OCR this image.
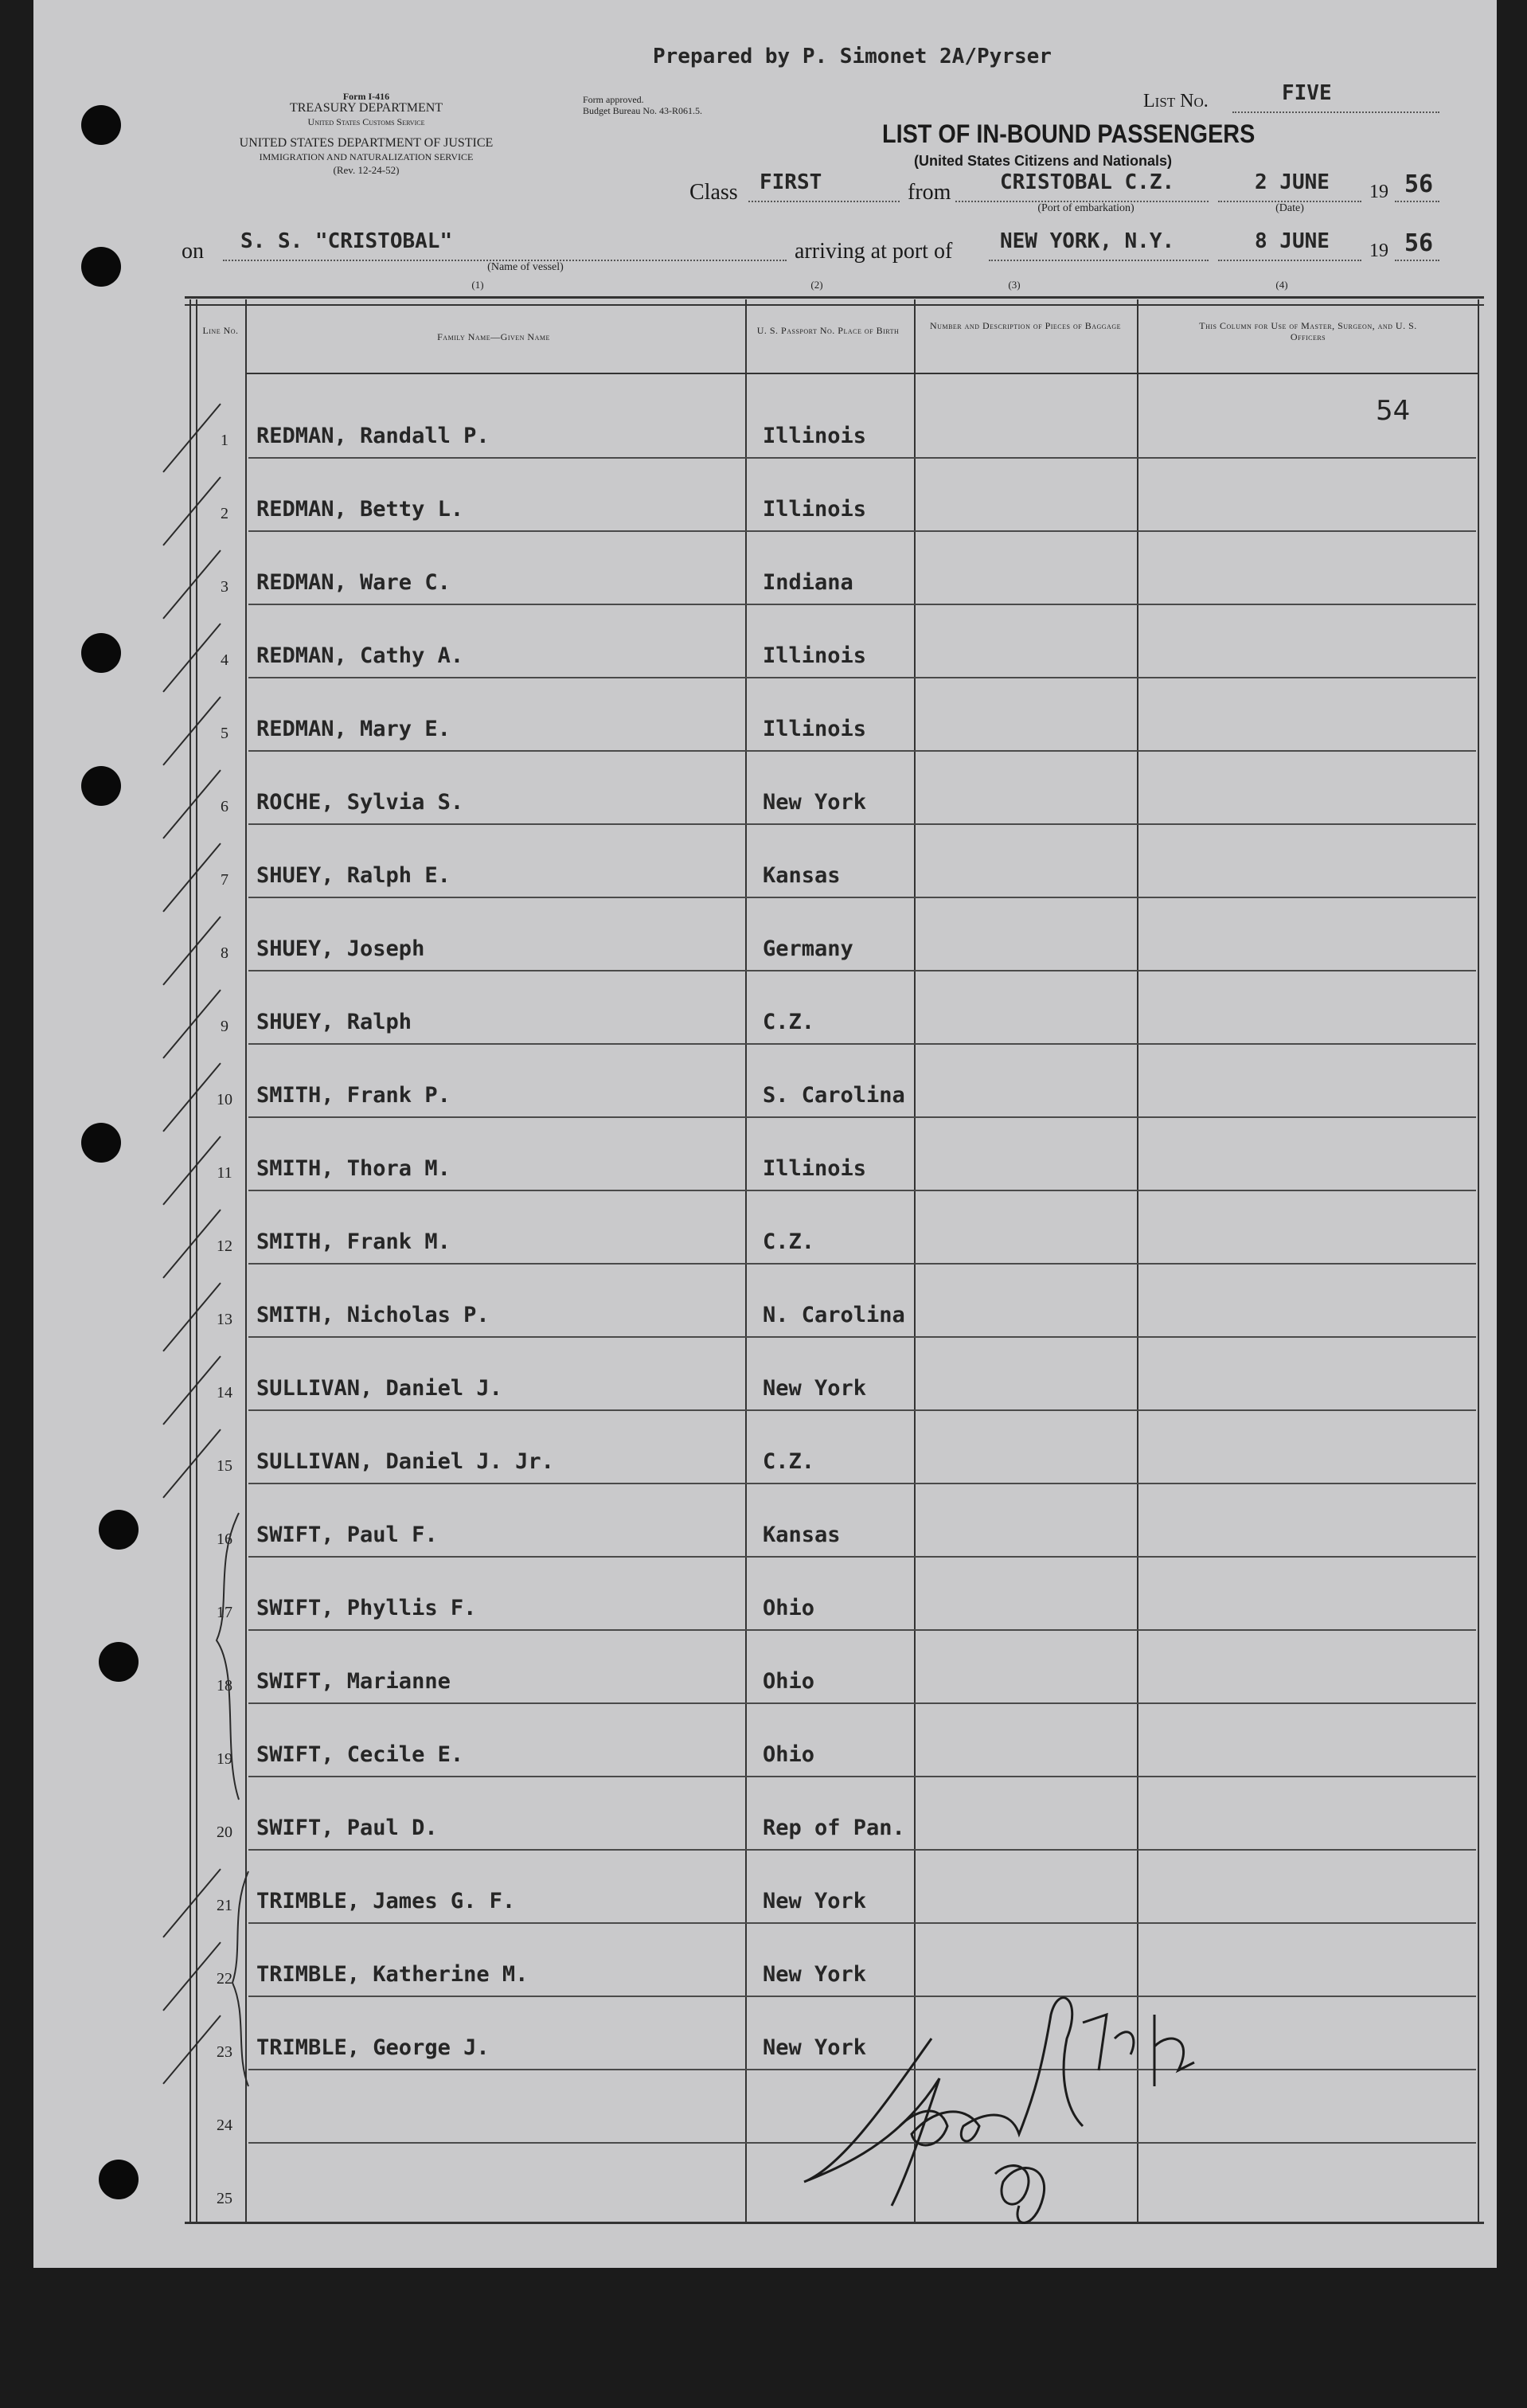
Prepared by P. Simonet 2A/Pyrser
Form I-416
TREASURY DEPARTMENT
United States Customs Service
UNITED STATES DEPARTMENT OF JUSTICE
IMMIGRATION AND NATURALIZATION SERVICE
(Rev. 12-24-52)
Form approved.
Budget Bureau No. 43-R061.5.	List No.	FIVE
LIST OF IN-BOUND PASSENGERS
(United States Citizens and Nationals)
Class FIRST	from CRISTOBAL C.Z.
(Port of embarkation)
2 JUNE
(Date)
19 56
on S. S. "CRISTOBAL"
(Name of vessel)
arriving at port of NEW YORK, N.Y.	8 JUNE 19 56
(1)	(2)	(3)	(4)
Line No.
Family Name—Given Name
U. S. Passport No. Place of Birth	Number and Description of Pieces of Baggage	This Column for Use of Master, Surgeon, and U. S. Officers
54
1	REDMAN, Randall P.	Illinois
2	REDMAN, Betty L.	Illinois
3	REDMAN, Ware C.	Indiana
4	REDMAN, Cathy A.	Illinois
5	REDMAN, Mary E.	Illinois
6	ROCHE, Sylvia S.	New York
7	SHUEY, Ralph E.	Kansas
8	SHUEY, Joseph	Germany
9	SHUEY, Ralph	C.Z.
10	SMITH, Frank P.	S. Carolina
11	SMITH, Thora M.	Illinois
12	SMITH, Frank M.	C.Z.
13	SMITH, Nicholas P.	N. Carolina
14	SULLIVAN, Daniel J.	New York
15	SULLIVAN, Daniel J. Jr.	C.Z.
16	SWIFT, Paul F.	Kansas
17	SWIFT, Phyllis F.	Ohio
18	SWIFT, Marianne	Ohio
19	SWIFT, Cecile E.	Ohio
20	SWIFT, Paul D.	Rep of Pan.
21	TRIMBLE, James G. F.	New York
22	TRIMBLE, Katherine M.	New York
23	TRIMBLE, George J.	New York
24
25
